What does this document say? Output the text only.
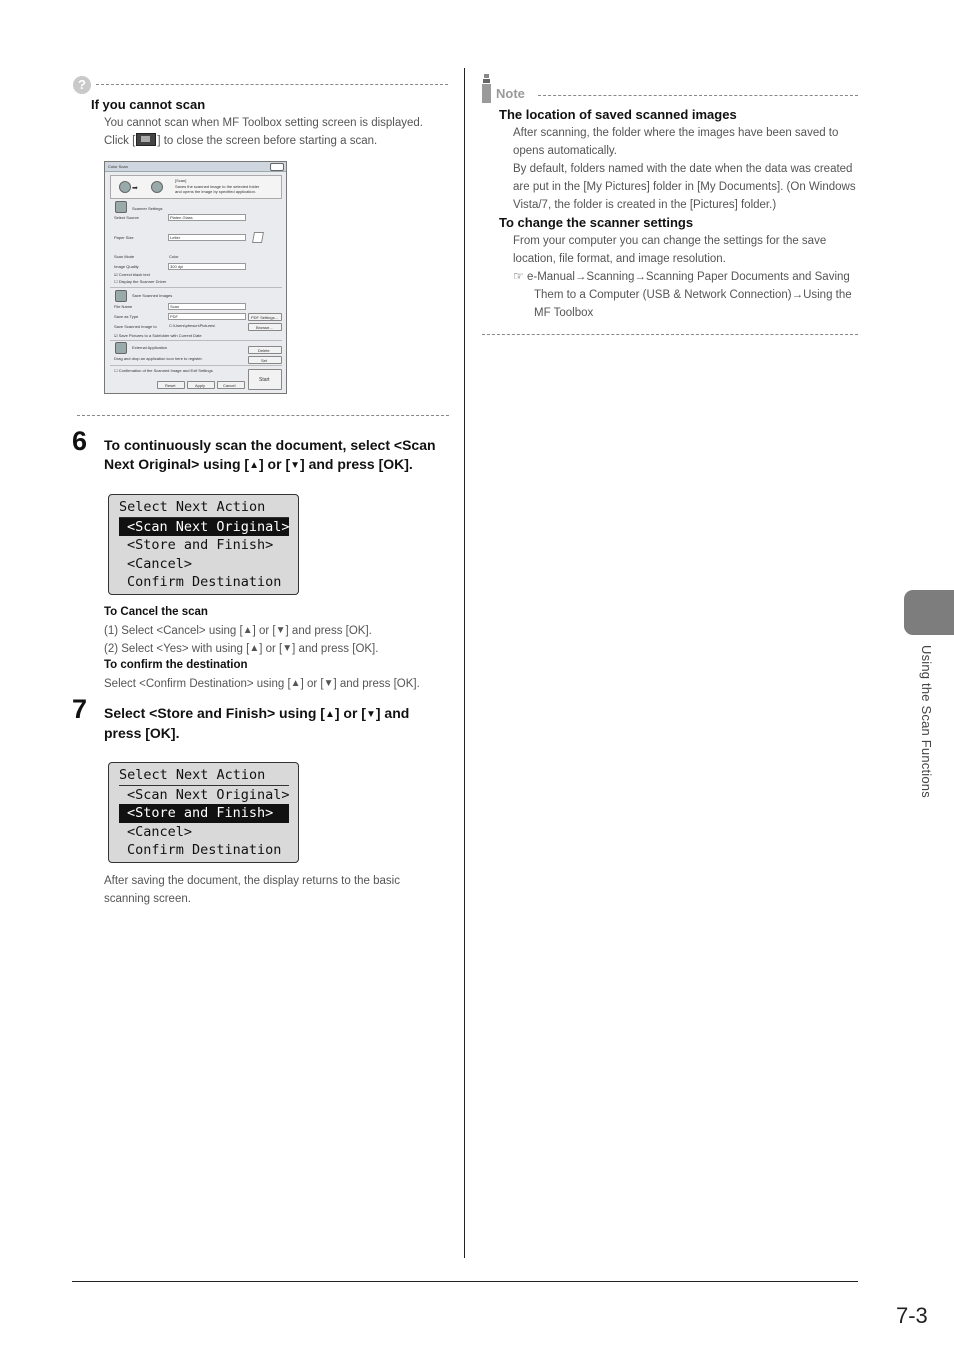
7-3
Using the Scan Functions
?
If you cannot scan
You cannot scan when MF Toolbox setting screen is displayed.
Click [ ] to close the screen before starting a scan.
Color Scan
➡
[Scan]
Saves the scanned image to the selected folder
and opens the image by specified application.
Scanner Settings
Select Source	Platen Glass
Paper Size	Letter
Scan Mode	Color
Image Quality	300 dpi
☑ Correct black text
☐ Display the Scanner Driver
Save Scanned Images
File Name	Scan
Save as Type	PDF	PDF Settings...
Save Scanned Image to	C:\Users\pfmscn\Pictures\	Browse...
☑ Save Pictures to a Subfolder with Current Date
External Application
Delete
Drag and drop an application icon here to register.	Set
☐ Confirmation of the Scanned Image and Exif Settings
Reset	Apply	Cancel
Start
6 To continuously scan the document, select <Scan
Next Original> using [▲] or [▼] and press [OK].
Select Next Action
<Scan Next Original>
<Store and Finish>
<Cancel>
Confirm Destination
To Cancel the scan
(1) Select <Cancel> using [▲] or [▼] and press [OK].
(2) Select <Yes> with using [▲] or [▼] and press [OK].
To confirm the destination
Select <Confirm Destination> using [▲] or [▼] and press [OK].
7 Select <Store and Finish> using [▲] or [▼] and
press [OK].
Select Next Action
<Scan Next Original>
<Store and Finish>
<Cancel>
Confirm Destination
After saving the document, the display returns to the basic
scanning screen.
Note
The location of saved scanned images
After scanning, the folder where the images have been saved to
opens automatically.
By default, folders named with the date when the data was created
are put in the [My Pictures] folder in [My Documents]. (On Windows
Vista/7, the folder is created in the [Pictures] folder.)
To change the scanner settings
From your computer you can change the settings for the save
location, file format, and image resolution.
☞ e-Manual→Scanning→Scanning Paper Documents and Saving
Them to a Computer (USB & Network Connection)→Using the
MF Toolbox
